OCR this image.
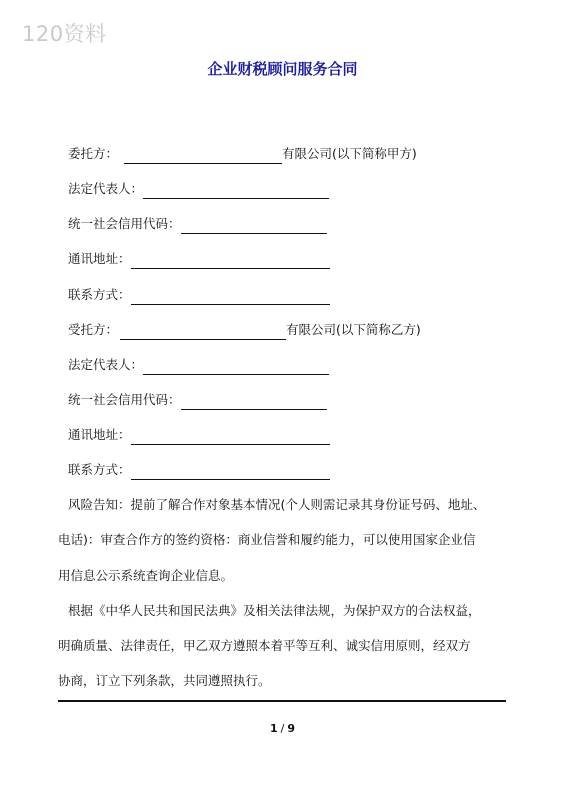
120资料
企业财税顾问服务合同
委托方：	有限公司(以下简称甲方)
法定代表人：
统一社会信用代码：
通讯地址：
联系方式：
受托方：	有限公司(以下简称乙方)
法定代表人：
统一社会信用代码：
通讯地址：
联系方式：
风险告知：提前了解合作对象基本情况(个人则需记录其身份证号码、地址、
电话)：审查合作方的签约资格：商业信誉和履约能力，可以使用国家企业信
用信息公示系统查询企业信息。
根据《中华人民共和国民法典》及相关法律法规，为保护双方的合法权益，
明确质量、法律责任，甲乙双方遵照本着平等互利、诚实信用原则，经双方
协商，订立下列条款，共同遵照执行。
1 / 9
